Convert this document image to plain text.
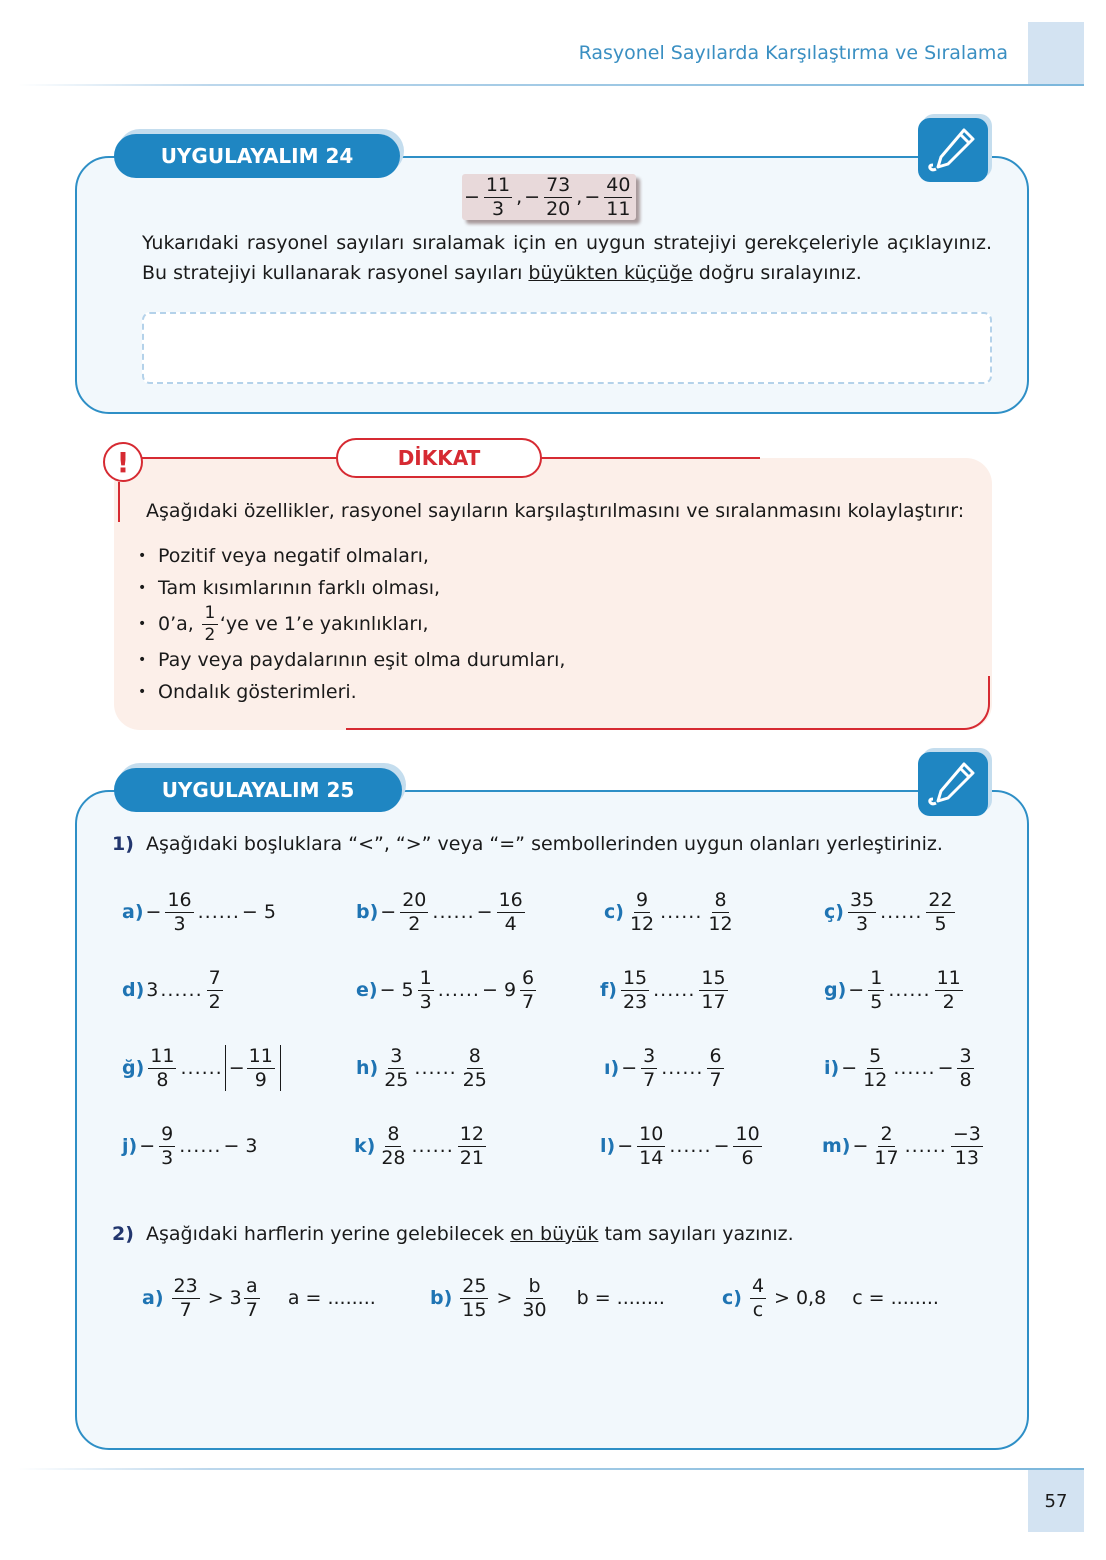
Rasyonel Sayılarda Karşılaştırma ve Sıralama
UYGULAYALIM 24
− $\frac{11}{3}$ , − $\frac{73}{20}$ , − $\frac{40}{11}$
Yukarıdaki rasyonel sayıları sıralamak için en uygun stratejiyi gerekçeleriyle açıklayınız. Bu stratejiyi kullanarak rasyonel sayıları büyükten küçüğe doğru sıralayınız.
!	DİKKAT
Aşağıdaki özellikler, rasyonel sayıların karşılaştırılmasını ve sıralanmasını kolaylaştırır:
• Pozitif veya negatif olmaları,
• Tam kısımlarının farklı olması,
• 0’a,
$\frac{1}{2}$ ‘ye ve 1’e yakınlıkları,
• Pay veya paydalarının eşit olma durumları,
• Ondalık gösterimleri.
UYGULAYALIM 25
1) Aşağıdaki boşluklara “<”, “>” veya “=” sembollerinden uygun olanları yerleştiriniz.
$a) - \frac{16}{3}$ ...... − 5	$b) - \frac{20}{2}$ ...... − $\frac{16}{4}$	$c) \frac{9}{12}$ ...... $\frac{8}{12}$	ç) $\frac{35}{3}$ ...... $\frac{22}{5}$
d) 3 ...... $\frac{7}{2}$	$e) - 5 \frac{1}{3}$ ...... − $9 \frac{6}{7}$	$f) \frac{15}{23}$ ...... $\frac{15}{17}$	$g) - \frac{1}{5}$ ...... $\frac{11}{2}$
ğ) $\frac{11}{8}$ ...... − $\frac{11}{9}$	$h) \frac{3}{25}$ ...... $\frac{8}{25}$	ı) − $\frac{3}{7}$ ...... $\frac{6}{7}$	$i) - \frac{5}{12}$ ...... − $\frac{3}{8}$
$j) - \frac{9}{3}$ ...... − 3	$k) \frac{8}{28}$ ...... $\frac{12}{21}$	$l) - \frac{10}{14}$ ...... − $\frac{10}{6}$	$m) - \frac{2}{17}$ ...... $\frac{-3}{13}$
2) Aşağıdaki harflerin yerine gelebilecek en büyük tam sayıları yazınız.
$a) \frac{23}{7} > 3 \frac{a}{7}$ a = ........	$b) \frac{25}{15} > \frac{b}{30}$ b = ........	$c) \frac{4}{c} > 0,8$ c = ........
57
